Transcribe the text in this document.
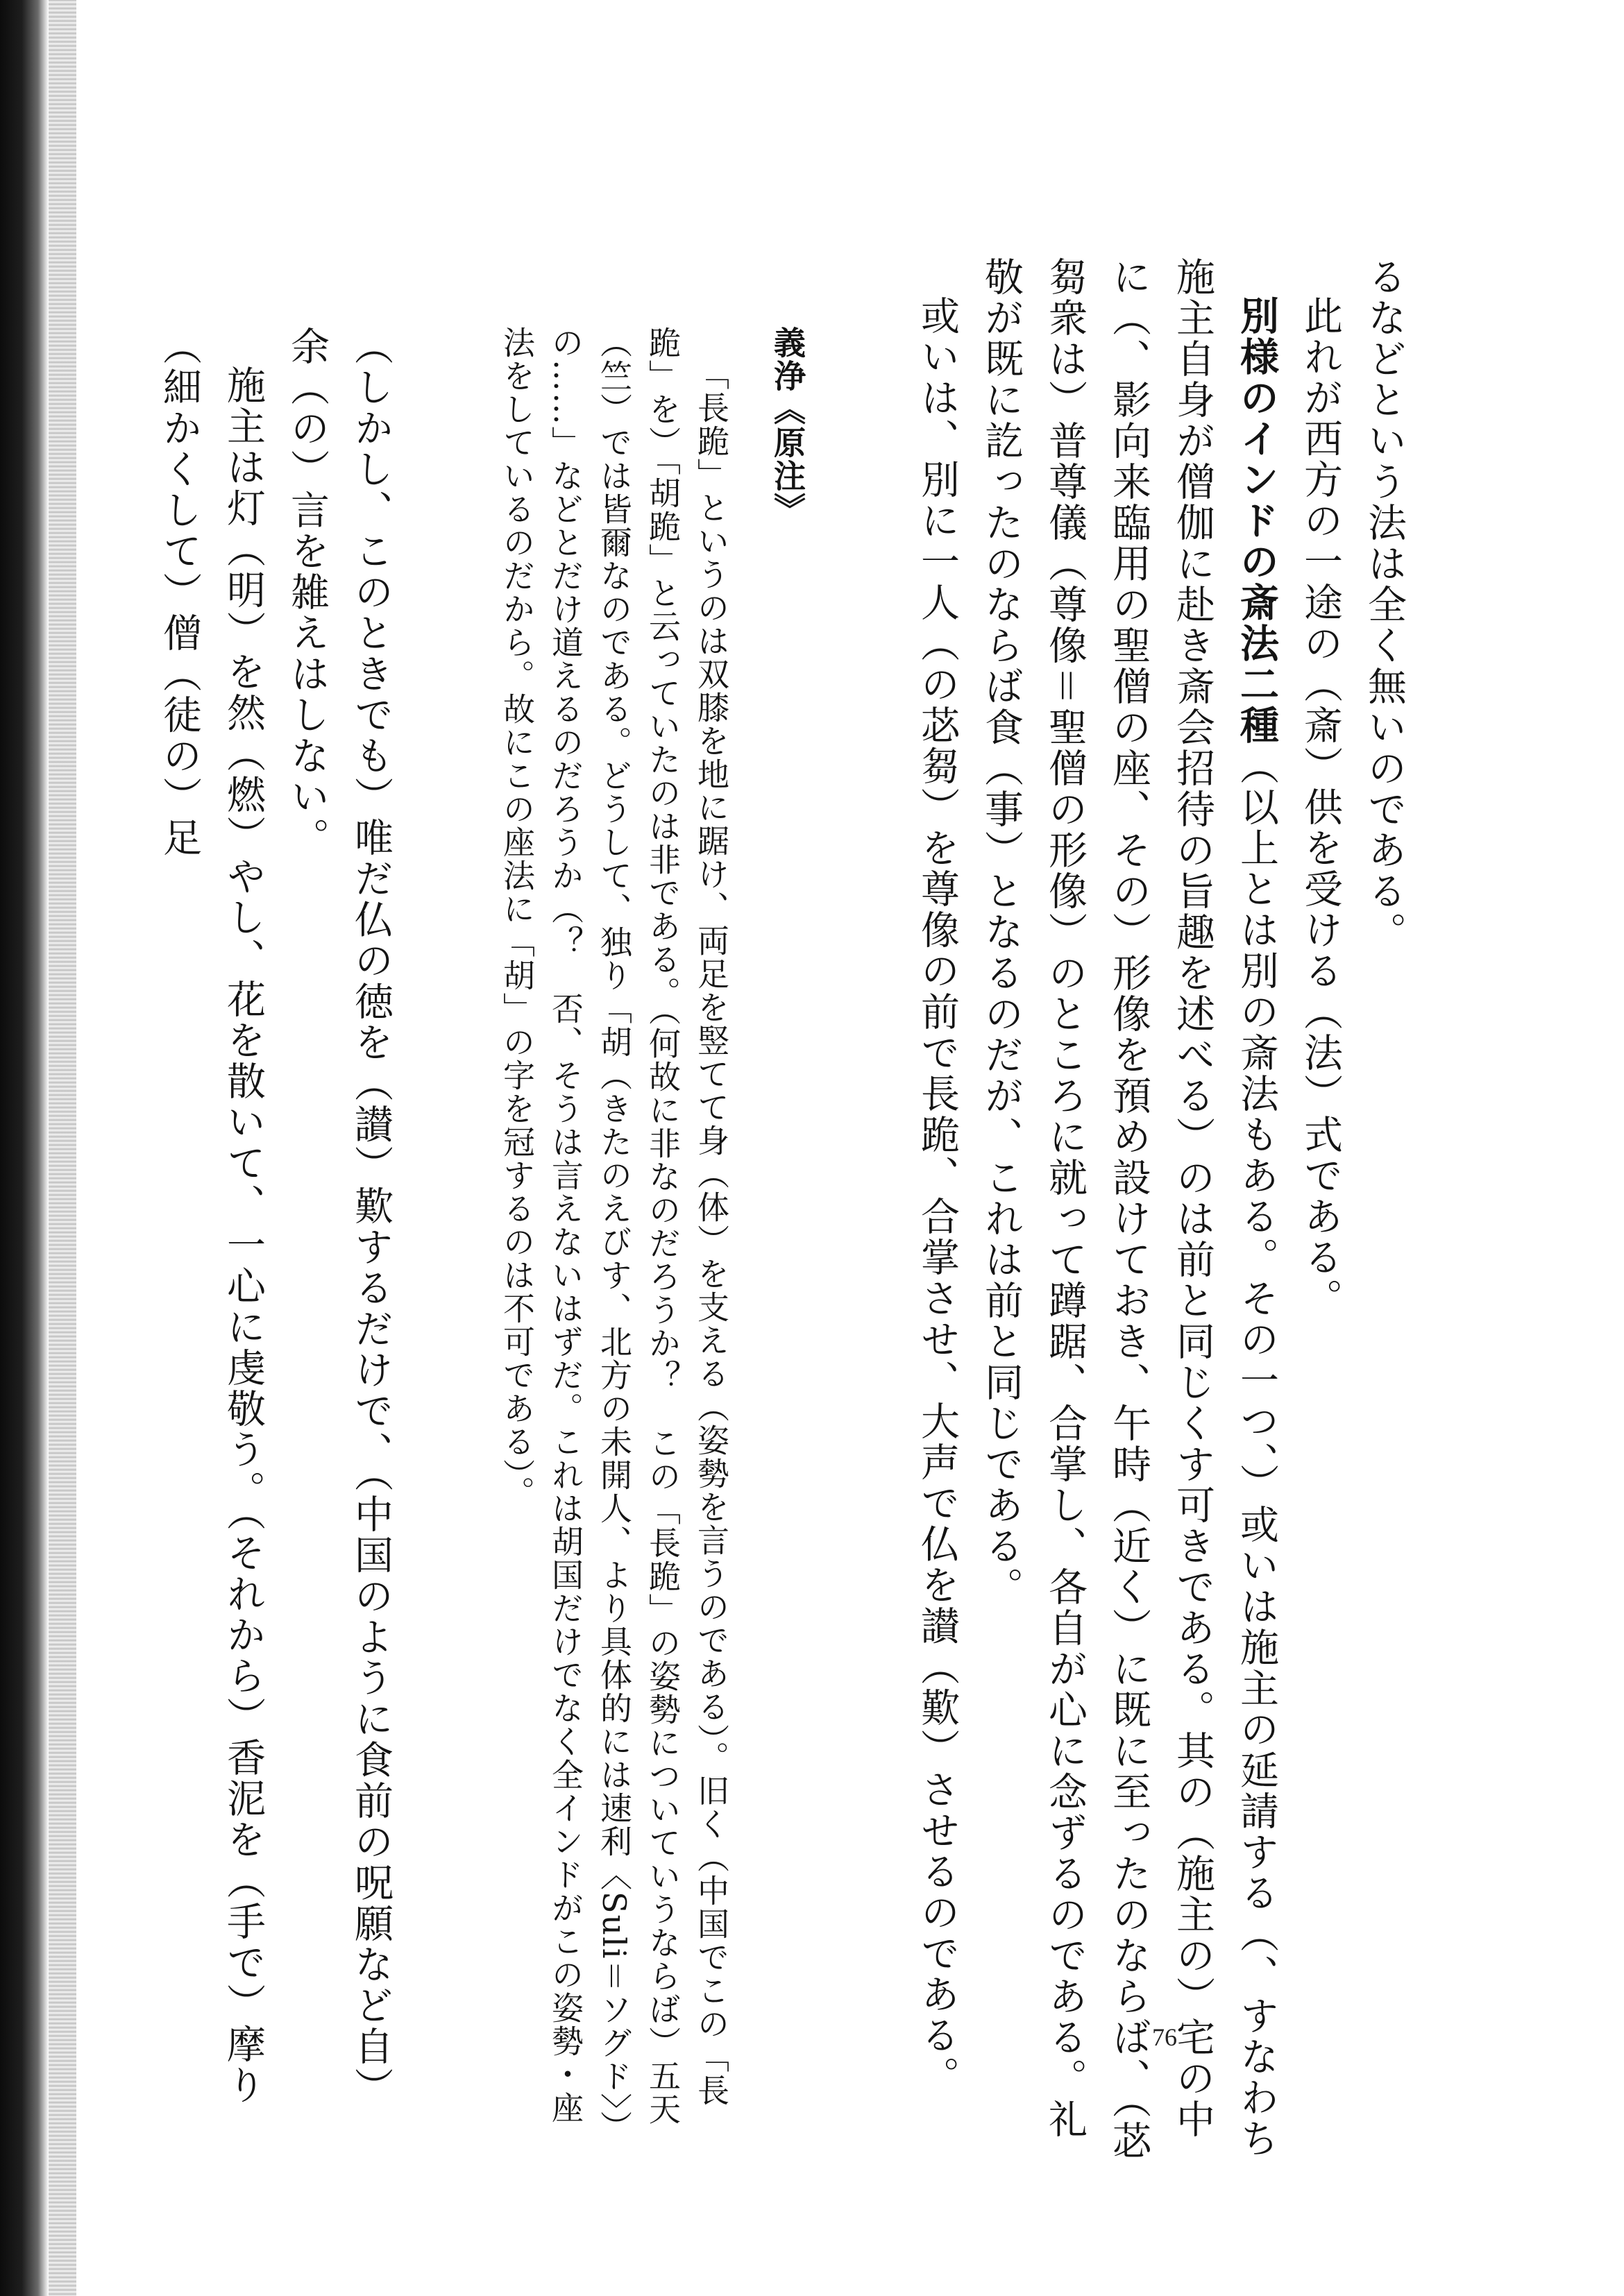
るなどという法は全く無いのである。

此れが西方の一途の（斎）供を受ける（法）式である。

別様のインドの斎法二種（以上とは別の斎法もある。その一つ、）或いは施主の延請する（、すなわち施主自身が僧伽に赴き斎会招待の旨趣を述べる）のは前と同じくす可きである。其の（施主の）宅の中に（、影向来臨用の聖僧の座、その）形像を預め設けておき、午時（近く）に既に至ったのならば、（苾芻衆は）普尊儀（尊像＝聖僧の形像）のところに就って蹲踞、合掌し、各自が心に念ずるのである。礼敬が既に訖ったのならば食（事）となるのだが、これは前と同じである。

或いは、別に一人（の苾芻）を尊像の前で長跪、合掌させ、大声で仏を讃（歎）させるのである。

義浄《原注》

「長跪」というのは双膝を地に踞け、両足を竪てて身（体）を支える（姿勢を言うのである）。旧く（中国でこの「長跪」を）「胡跪」と云っていたのは非である。（何故に非なのだろうか？　この「長跪」の姿勢についていうならば）五天（竺）では皆爾なのである。どうして、独り「胡（きたのえびす、北方の未開人、より具体的には速利〈Suli＝ソグド〉）の……」などとだけ道えるのだろうか（？　否、そうは言えないはずだ。これは胡国だけでなく全インドがこの姿勢・座法をしているのだから。故にこの座法に「胡」の字を冠するのは不可である）。

（しかし、このときでも）唯だ仏の徳を（讃）歎するだけで、（中国のように食前の呪願など自）余（の）言を雑えはしない。

施主は灯（明）を然（燃）やし、花を散いて、一心に虔敬う。（それから）香泥を（手で）摩り（細かくして）僧（徒の）足

76
